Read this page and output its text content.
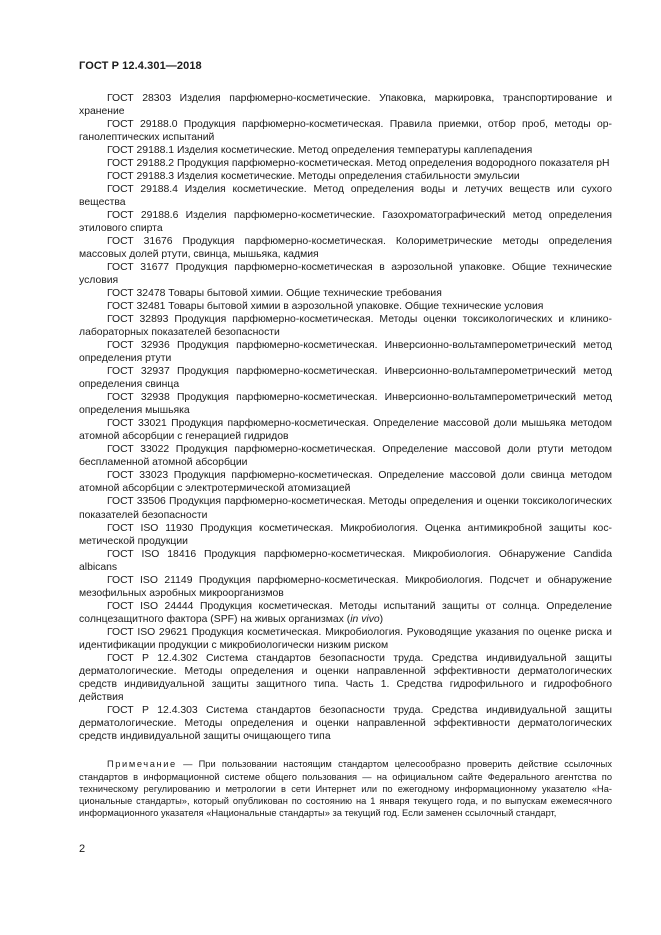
ГОСТ Р 12.4.301—2018

ГОСТ 28303 Изделия парфюмерно-косметические. Упаковка, маркировка, транспортирование и хранение

ГОСТ 29188.0 Продукция парфюмерно-косметическая. Правила приемки, отбор проб, методы органолептических испытаний

ГОСТ 29188.1 Изделия косметические. Метод определения температуры каплепадения

ГОСТ 29188.2 Продукция парфюмерно-косметическая. Метод определения водородного показателя pH

ГОСТ 29188.3 Изделия косметические. Методы определения стабильности эмульсии

ГОСТ 29188.4 Изделия косметические. Метод определения воды и летучих веществ или сухого вещества

ГОСТ 29188.6 Изделия парфюмерно-косметические. Газохроматографический метод определения этилового спирта

ГОСТ 31676 Продукция парфюмерно-косметическая. Колориметрические методы определения массовых долей ртути, свинца, мышьяка, кадмия

ГОСТ 31677 Продукция парфюмерно-косметическая в аэрозольной упаковке. Общие технические условия

ГОСТ 32478 Товары бытовой химии. Общие технические требования

ГОСТ 32481 Товары бытовой химии в аэрозольной упаковке. Общие технические условия

ГОСТ 32893 Продукция парфюмерно-косметическая. Методы оценки токсикологических и клинико-лабораторных показателей безопасности

ГОСТ 32936 Продукция парфюмерно-косметическая. Инверсионно-вольтамперометрический метод определения ртути

ГОСТ 32937 Продукция парфюмерно-косметическая. Инверсионно-вольтамперометрический метод определения свинца

ГОСТ 32938 Продукция парфюмерно-косметическая. Инверсионно-вольтамперометрический метод определения мышьяка

ГОСТ 33021 Продукция парфюмерно-косметическая. Определение массовой доли мышьяка методом атомной абсорбции с генерацией гидридов

ГОСТ 33022 Продукция парфюмерно-косметическая. Определение массовой доли ртути методом беспламенной атомной абсорбции

ГОСТ 33023 Продукция парфюмерно-косметическая. Определение массовой доли свинца методом атомной абсорбции с электротермической атомизацией

ГОСТ 33506 Продукция парфюмерно-косметическая. Методы определения и оценки токсикологических показателей безопасности

ГОСТ ISO 11930 Продукция косметическая. Микробиология. Оценка антимикробной защиты косметической продукции

ГОСТ ISO 18416 Продукция парфюмерно-косметическая. Микробиология. Обнаружение Candida albicans

ГОСТ ISO 21149 Продукция парфюмерно-косметическая. Микробиология. Подсчет и обнаружение мезофильных аэробных микроорганизмов

ГОСТ ISO 24444 Продукция косметическая. Методы испытаний защиты от солнца. Определение солнцезащитного фактора (SPF) на живых организмах (in vivo)

ГОСТ ISO 29621 Продукция косметическая. Микробиология. Руководящие указания по оценке риска и идентификации продукции с микробиологически низким риском

ГОСТ Р 12.4.302 Система стандартов безопасности труда. Средства индивидуальной защиты дерматологические. Методы определения и оценки направленной эффективности дерматологических средств индивидуальной защиты защитного типа. Часть 1. Средства гидрофильного и гидрофобного действия

ГОСТ Р 12.4.303 Система стандартов безопасности труда. Средства индивидуальной защиты дерматологические. Методы определения и оценки направленной эффективности дерматологических средств индивидуальной защиты очищающего типа

Примечание — При пользовании настоящим стандартом целесообразно проверить действие ссылочных стандартов в информационной системе общего пользования — на официальном сайте Федерального агентства по техническому регулированию и метрологии в сети Интернет или по ежегодному информационному указателю «Национальные стандарты», который опубликован по состоянию на 1 января текущего года, и по выпускам ежемесячного информационного указателя «Национальные стандарты» за текущий год. Если заменен ссылочный стандарт,

2
